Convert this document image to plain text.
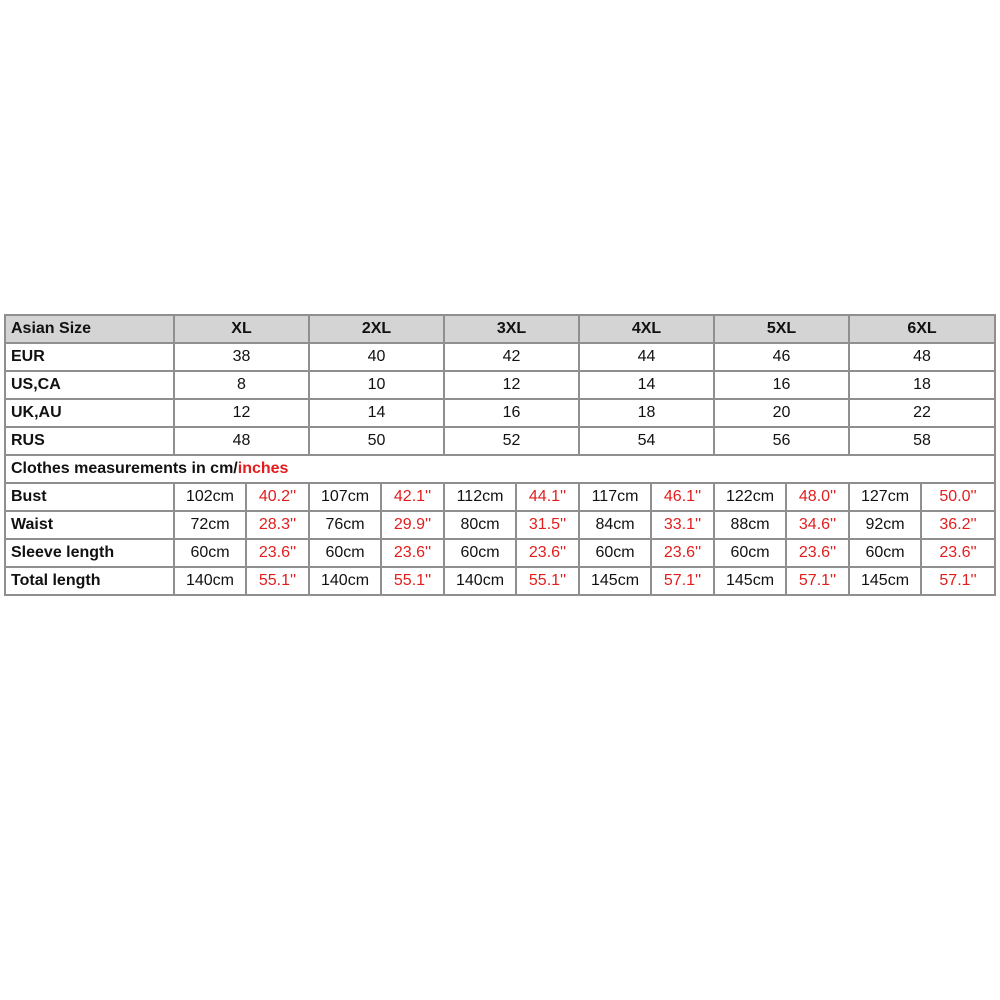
Asian Size	XL		2XL		3XL		4XL		5XL		6XL	
EUR	38		40		42		44		46		48	
US,CA	8		10		12		14		16		18	
UK,AU	12		14		16		18		20		22	
RUS	48		50		52		54		56		58	
Clothes measurements in cm/inches												
Bust	102cm	40.2''	107cm	42.1''	112cm	44.1''	117cm	46.1''	122cm	48.0''	127cm	50.0''
Waist	72cm	28.3''	76cm	29.9''	80cm	31.5''	84cm	33.1''	88cm	34.6''	92cm	36.2''
Sleeve length	60cm	23.6''	60cm	23.6''	60cm	23.6''	60cm	23.6''	60cm	23.6''	60cm	23.6''
Total length	140cm	55.1''	140cm	55.1''	140cm	55.1''	145cm	57.1''	145cm	57.1''	145cm	57.1''
